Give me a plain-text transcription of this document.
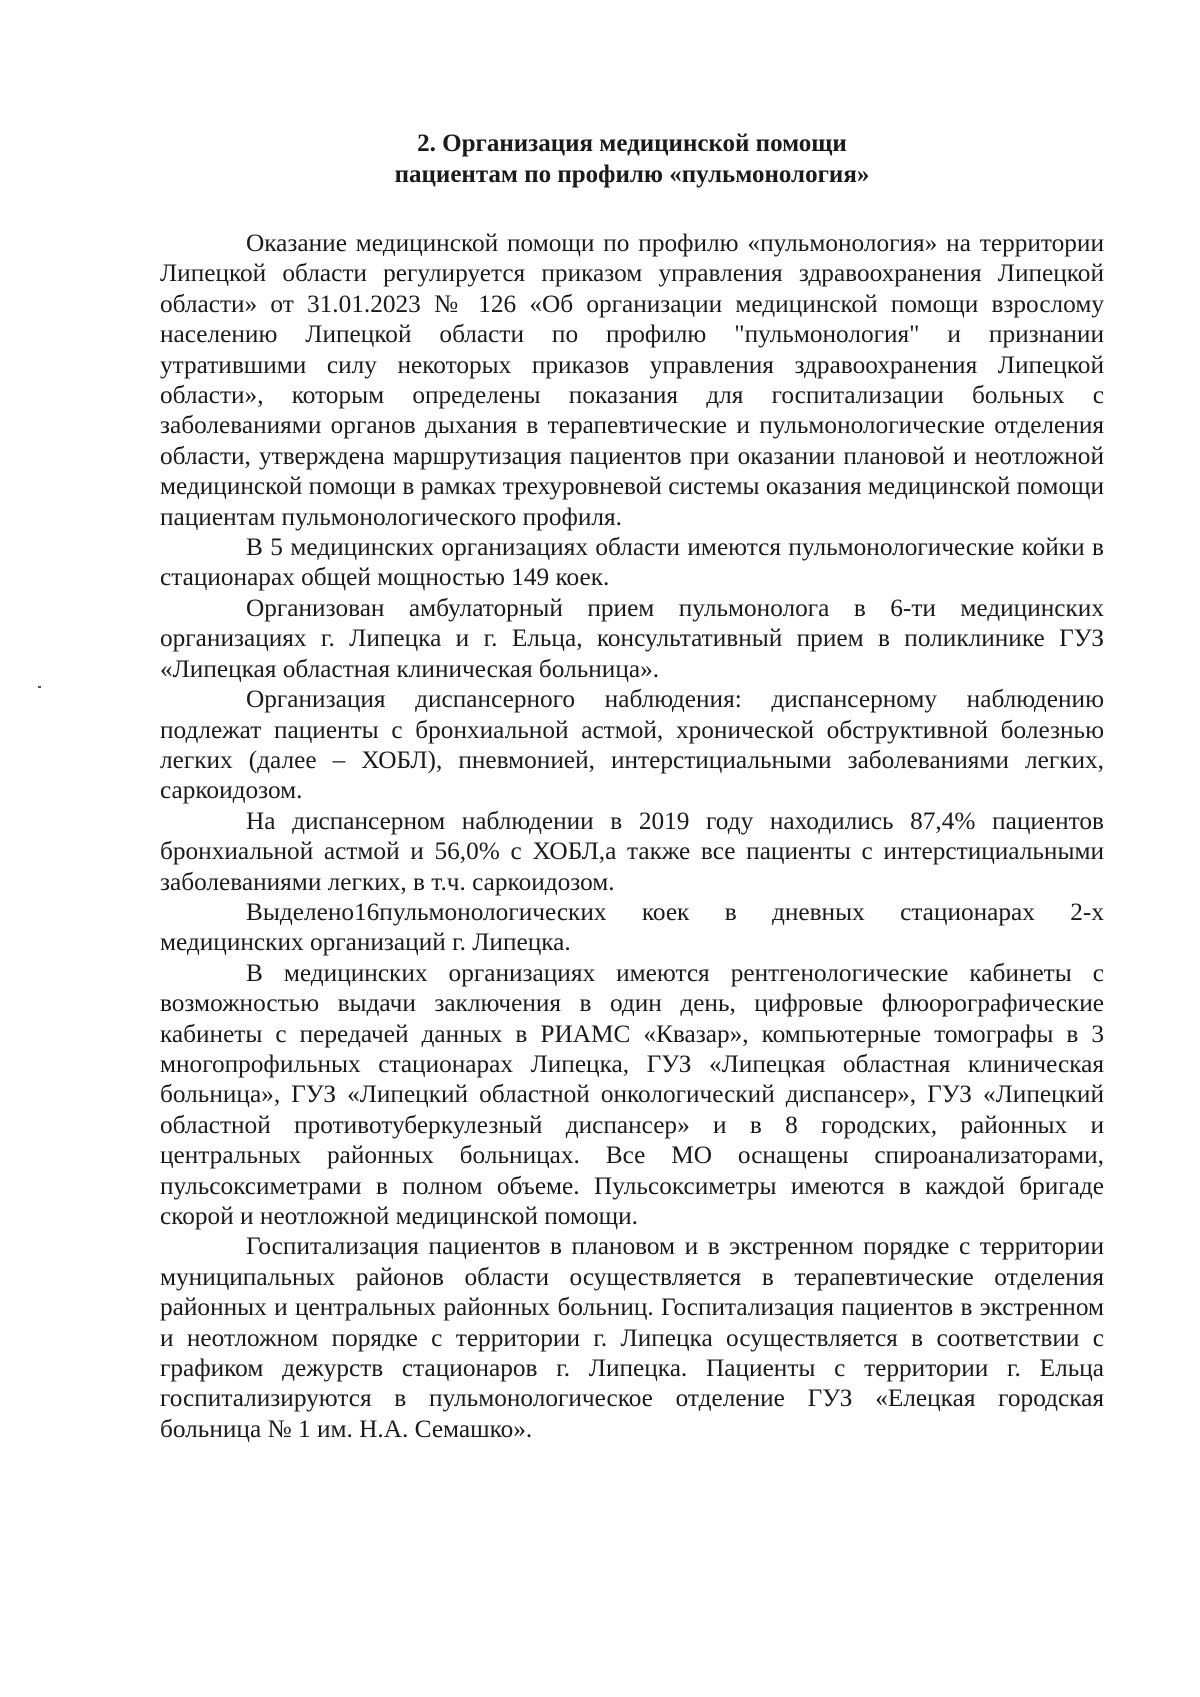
2. Организация медицинской помощи
пациентам по профилю «пульмонология»

Оказание медицинской помощи по профилю «пульмонология» на территории Липецкой области регулируется приказом управления здравоохранения Липецкой области» от 31.01.2023 № 126 «Об организации медицинской помощи взрослому населению Липецкой области по профилю "пульмонология" и признании утратившими силу некоторых приказов управления здравоохранения Липецкой области», которым определены показания для госпитализации больных с заболеваниями органов дыхания в терапевтические и пульмонологические отделения области, утверждена маршрутизация пациентов при оказании плановой и неотложной медицинской помощи в рамках трехуровневой системы оказания медицинской помощи пациентам пульмонологического профиля.

В 5 медицинских организациях области имеются пульмонологические койки в стационарах общей мощностью 149 коек.

Организован амбулаторный прием пульмонолога в 6-ти медицинских организациях г. Липецка и г. Ельца, консультативный прием в поликлинике ГУЗ «Липецкая областная клиническая больница».

Организация диспансерного наблюдения: диспансерному наблюдению подлежат пациенты с бронхиальной астмой, хронической обструктивной болезнью легких (далее – ХОБЛ), пневмонией, интерстициальными заболеваниями легких, саркоидозом.

На диспансерном наблюдении в 2019 году находились 87,4% пациентов бронхиальной астмой и 56,0% с ХОБЛ,а также все пациенты с интерстициальными заболеваниями легких, в т.ч. саркоидозом.

Выделено16пульмонологических коек в дневных стационарах 2-х медицинских организаций г. Липецка.

В медицинских организациях имеются рентгенологические кабинеты с возможностью выдачи заключения в один день, цифровые флюорографические кабинеты с передачей данных в РИАМС «Квазар», компьютерные томографы в 3 многопрофильных стационарах Липецка, ГУЗ «Липецкая областная клиническая больница», ГУЗ «Липецкий областной онкологический диспансер», ГУЗ «Липецкий областной противотуберкулезный диспансер» и в 8 городских, районных и центральных районных больницах. Все МО оснащены спироанализаторами, пульсоксиметрами в полном объеме. Пульсоксиметры имеются в каждой бригаде скорой и неотложной медицинской помощи.

Госпитализация пациентов в плановом и в экстренном порядке с территории муниципальных районов области осуществляется в терапевтические отделения районных и центральных районных больниц. Госпитализация пациентов в экстренном и неотложном порядке с территории г. Липецка осуществляется в соответствии с графиком дежурств стационаров г. Липецка. Пациенты с территории г. Ельца госпитализируются в пульмонологическое отделение ГУЗ «Елецкая городская больница № 1 им. Н.А. Семашко».
